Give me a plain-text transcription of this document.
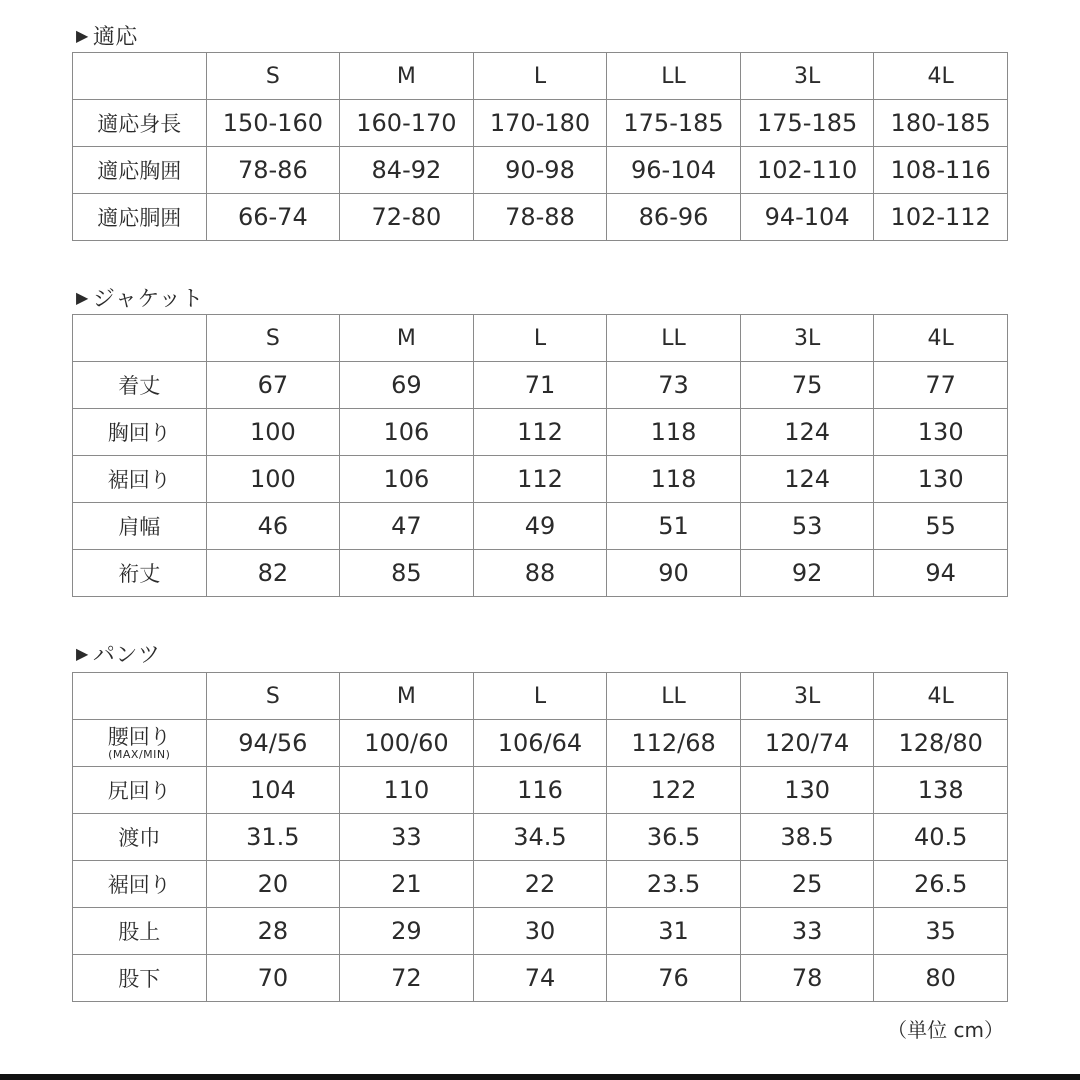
▶ 適応
	S	M	L	LL	3L	4L
適応身長	150-160	160-170	170-180	175-185	175-185	180-185
適応胸囲	78-86	84-92	90-98	96-104	102-110	108-116
適応胴囲	66-74	72-80	78-88	86-96	94-104	102-112
▶ ジャケット
	S	M	L	LL	3L	4L
着丈	67	69	71	73	75	77
胸回り	100	106	112	118	124	130
裾回り	100	106	112	118	124	130
肩幅	46	47	49	51	53	55
裄丈	82	85	88	90	92	94
▶ パンツ
	S	M	L	LL	3L	4L

腰回り
(MAX/MIN)	94/56	100/60	106/64	112/68	120/74	128/80
尻回り	104	110	116	122	130	138
渡巾	31.5	33	34.5	36.5	38.5	40.5
裾回り	20	21	22	23.5	25	26.5
股上	28	29	30	31	33	35
股下	70	72	74	76	78	80
（単位 cm）
